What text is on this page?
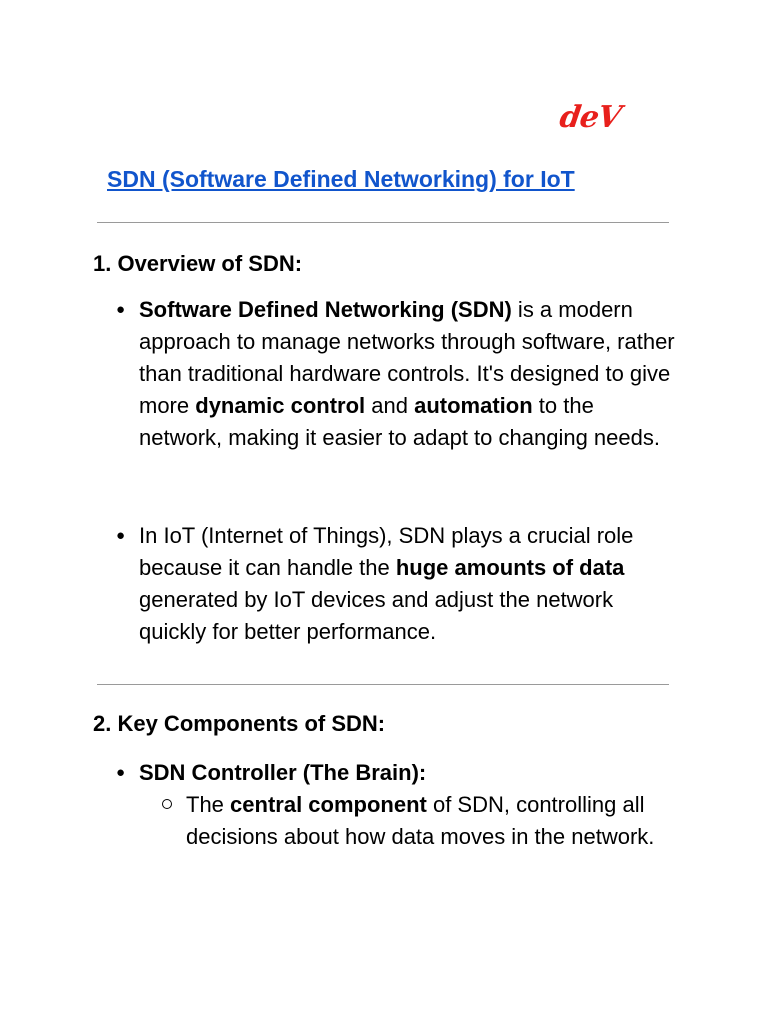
deV
SDN (Software Defined Networking) for IoT
1. Overview of SDN:
● Software Defined Networking (SDN) is a modern approach to manage networks through software, rather than traditional hardware controls. It's designed to give more dynamic control and automation to the network, making it easier to adapt to changing needs.

● In IoT (Internet of Things), SDN plays a crucial role because it can handle the huge amounts of data generated by IoT devices and adjust the network quickly for better performance.

2. Key Components of SDN:
● SDN Controller (The Brain):

The central component of SDN, controlling all decisions about how data moves in the network.
